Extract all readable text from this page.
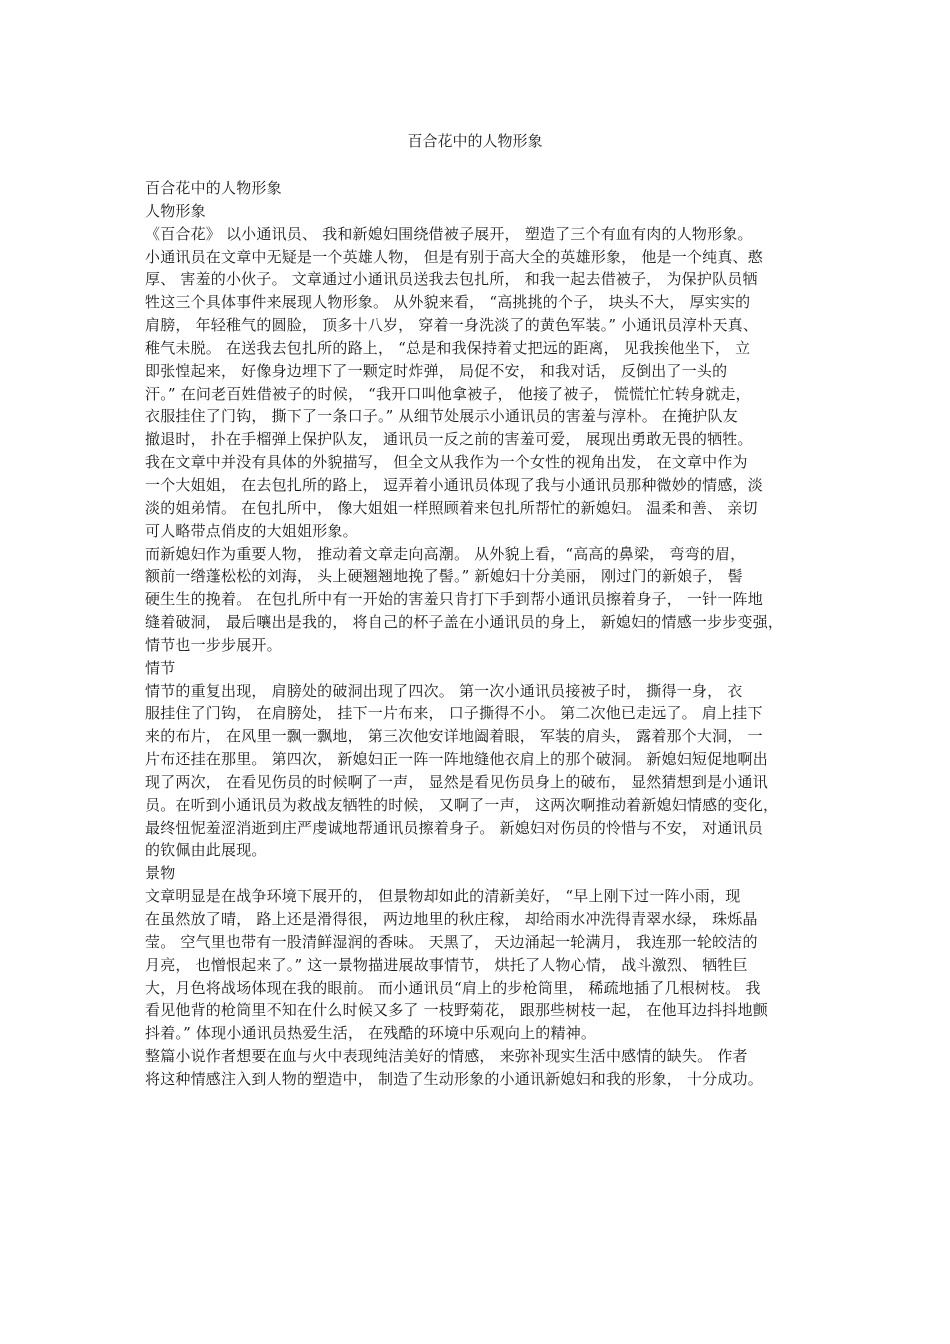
百合花中的人物形象
百合花中的人物形象
人物形象
《百合花》 以小通讯员、 我和新媳妇围绕借被子展开， 塑造了三个有血有肉的人物形象。
小通讯员在文章中无疑是一个英雄人物， 但是有别于高大全的英雄形象， 他是一个纯真、憨
厚、 害羞的小伙子。 文章通过小通讯员送我去包扎所， 和我一起去借被子， 为保护队员牺
牲这三个具体事件来展现人物形象。 从外貌来看， “高挑挑的个子， 块头不大， 厚实实的
肩膀， 年轻稚气的圆脸， 顶多十八岁， 穿着一身洗淡了的黄色军装。” 小通讯员淳朴天真、
稚气未脱。 在送我去包扎所的路上， “总是和我保持着丈把远的距离， 见我挨他坐下， 立
即张惶起来， 好像身边埋下了一颗定时炸弹， 局促不安， 和我对话， 反倒出了一头的
汗。” 在问老百姓借被子的时候， “我开口叫他拿被子， 他接了被子， 慌慌忙忙转身就走，
衣服挂住了门钩， 撕下了一条口子。” 从细节处展示小通讯员的害羞与淳朴。 在掩护队友
撤退时， 扑在手榴弹上保护队友， 通讯员一反之前的害羞可爱， 展现出勇敢无畏的牺牲。
我在文章中并没有具体的外貌描写， 但全文从我作为一个女性的视角出发， 在文章中作为
一个大姐姐， 在去包扎所的路上， 逗弄着小通讯员体现了我与小通讯员那种微妙的情感，淡
淡的姐弟情。 在包扎所中， 像大姐姐一样照顾着来包扎所帮忙的新媳妇。 温柔和善、 亲切
可人略带点俏皮的大姐姐形象。
而新媳妇作为重要人物， 推动着文章走向高潮。 从外貌上看，“高高的鼻梁， 弯弯的眉，
额前一绺蓬松松的刘海， 头上硬翘翘地挽了髻。” 新媳妇十分美丽， 刚过门的新娘子， 髻
硬生生的挽着。 在包扎所中有一开始的害羞只肯打下手到帮小通讯员擦着身子， 一针一阵地
缝着破洞， 最后嚷出是我的， 将自己的杯子盖在小通讯员的身上， 新媳妇的情感一步步变强，
情节也一步步展开。
情节
情节的重复出现， 肩膀处的破洞出现了四次。 第一次小通讯员接被子时， 撕得一身， 衣
服挂住了门钩， 在肩膀处， 挂下一片布来， 口子撕得不小。 第二次他已走远了。 肩上挂下
来的布片， 在风里一飘一飘地， 第三次他安详地阖着眼， 军装的肩头， 露着那个大洞， 一
片布还挂在那里。 第四次， 新媳妇正一阵一阵地缝他衣肩上的那个破洞。 新媳妇短促地啊出
现了两次， 在看见伤员的时候啊了一声， 显然是看见伤员身上的破布， 显然猜想到是小通讯
员。在听到小通讯员为救战友牺牲的时候， 又啊了一声， 这两次啊推动着新媳妇情感的变化，
最终忸怩羞涩消逝到庄严虔诚地帮通讯员擦着身子。 新媳妇对伤员的怜惜与不安， 对通讯员
的钦佩由此展现。
景物
文章明显是在战争环境下展开的， 但景物却如此的清新美好， “早上刚下过一阵小雨，现
在虽然放了晴， 路上还是滑得很， 两边地里的秋庄稼， 却给雨水冲洗得青翠水绿， 珠烁晶
莹。 空气里也带有一股清鲜湿润的香味。 天黑了， 天边涌起一轮满月， 我连那一轮皎洁的
月亮， 也憎恨起来了。” 这一景物描进展故事情节， 烘托了人物心情， 战斗激烈、 牺牲巨
大，月色将战场体现在我的眼前。 而小通讯员“肩上的步枪筒里， 稀疏地插了几根树枝。 我
看见他背的枪筒里不知在什么时候又多了 一枝野菊花， 跟那些树枝一起， 在他耳边抖抖地颤
抖着。” 体现小通讯员热爱生活， 在残酷的环境中乐观向上的精神。
整篇小说作者想要在血与火中表现纯洁美好的情感， 来弥补现实生活中感情的缺失。 作者
将这种情感注入到人物的塑造中， 制造了生动形象的小通讯新媳妇和我的形象， 十分成功。
